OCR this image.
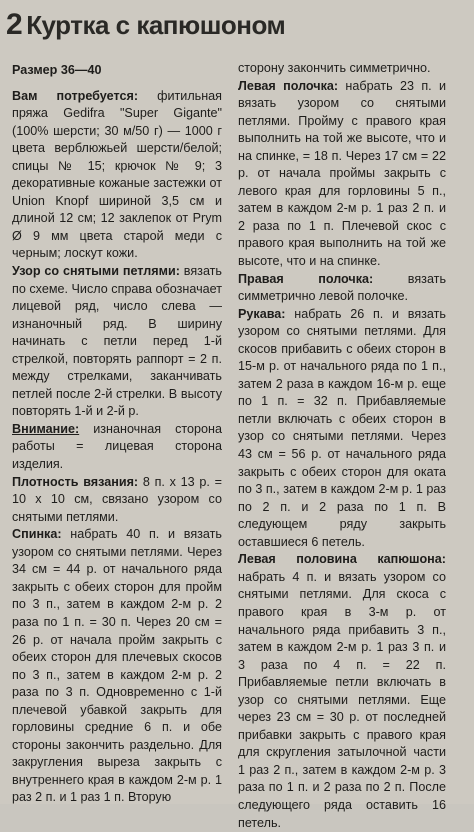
2 Куртка с капюшоном

Размер 36—40

Вам потребуется: фитильная пряжа Gedifra "Super Gigante" (100% шерсти; 30 м/50 г) — 1000 г цвета верблюжьей шерсти/белой; спицы № 15; крючок № 9; 3 декоративные кожаные застежки от Union Knopf шириной 3,5 см и длиной 12 см; 12 заклепок от Prym Ø 9 мм цвета старой меди с черным; лоскут кожи.

Узор со снятыми петлями: вязать по схеме. Число справа обозначает лицевой ряд, число слева — изнаночный ряд. В ширину начинать с петли перед 1-й стрелкой, повторять раппорт = 2 п. между стрелками, заканчивать петлей после 2-й стрелки. В высоту повторять 1-й и 2-й р.

Внимание: изнаночная сторона работы = лицевая сторона изделия.

Плотность вязания: 8 п. x 13 р. = 10 x 10 см, связано узором со снятыми петлями.

Спинка: набрать 40 п. и вязать узором со снятыми петлями. Через 34 см = 44 р. от начального ряда закрыть с обеих сторон для пройм по 3 п., затем в каждом 2-м р. 2 раза по 1 п. = 30 п. Через 20 см = 26 р. от начала пройм закрыть с обеих сторон для плечевых скосов по 3 п., затем в каждом 2-м р. 2 раза по 3 п. Одновременно с 1-й плечевой убавкой закрыть для горловины средние 6 п. и обе стороны закончить раздельно. Для закругления выреза закрыть с внутреннего края в каждом 2-м р. 1 раз 2 п. и 1 раз 1 п. Вторую

сторону закончить симметрично.

Левая полочка: набрать 23 п. и вязать узором со снятыми петлями. Пройму с правого края выполнить на той же высоте, что и на спинке, = 18 п. Через 17 см = 22 р. от начала проймы закрыть с левого края для горловины 5 п., затем в каждом 2-м р. 1 раз 2 п. и 2 раза по 1 п. Плечевой скос с правого края выполнить на той же высоте, что и на спинке.

Правая полочка: вязать симметрично левой полочке.

Рукава: набрать 26 п. и вязать узором со снятыми петлями. Для скосов прибавить с обеих сторон в 15-м р. от начального ряда по 1 п., затем 2 раза в каждом 16-м р. еще по 1 п. = 32 п. Прибавляемые петли включать с обеих сторон в узор со снятыми петлями. Через 43 см = 56 р. от начального ряда закрыть с обеих сторон для оката по 3 п., затем в каждом 2-м р. 1 раз по 2 п. и 2 раза по 1 п. В следующем ряду закрыть оставшиеся 6 петель.

Левая половина капюшона: набрать 4 п. и вязать узором со снятыми петлями. Для скоса с правого края в 3-м р. от начального ряда прибавить 3 п., затем в каждом 2-м р. 1 раз 3 п. и 3 раза по 4 п. = 22 п. Прибавляемые петли включать в узор со снятыми петлями. Еще через 23 см = 30 р. от последней прибавки закрыть с правого края для скругления затылочной части 1 раз 2 п., затем в каждом 2-м р. 3 раза по 1 п. и 2 раза по 2 п. После следующего ряда оставить 16 петель.
